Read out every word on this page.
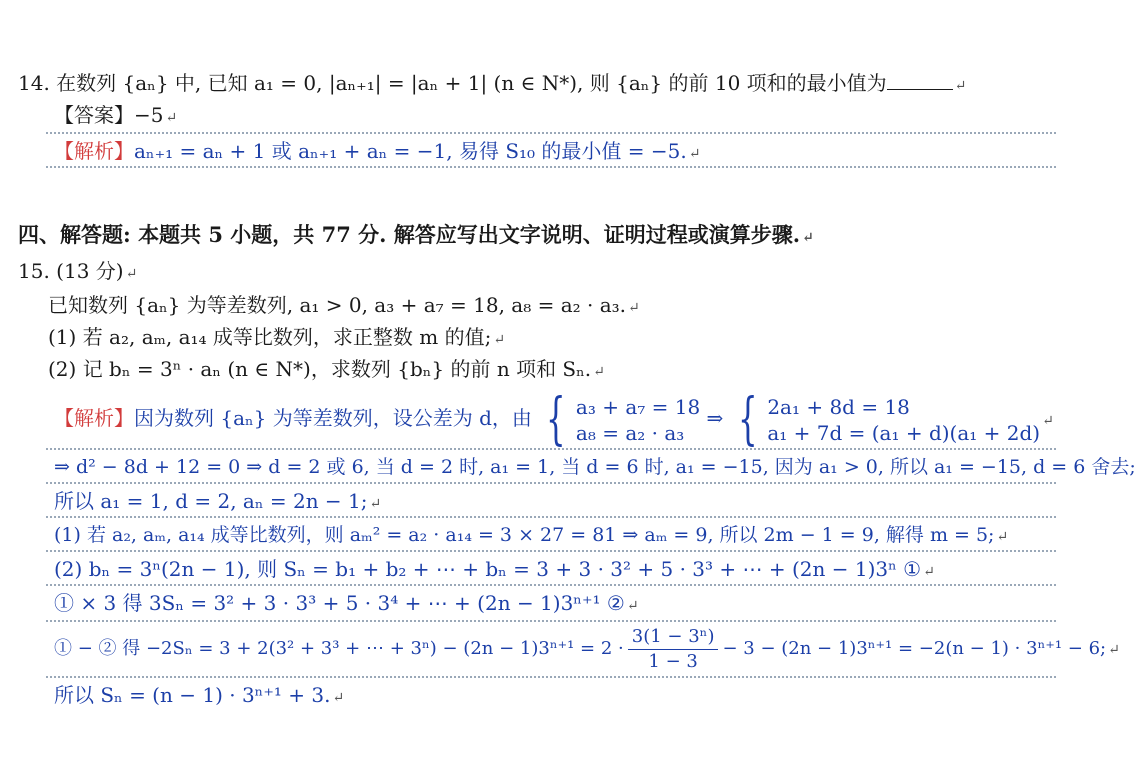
14. 在数列 {aₙ} 中, 已知 a₁ = 0, |aₙ₊₁| = |aₙ + 1| (n ∈ N*), 则 {aₙ} 的前 10 项和的最小值为	↵
【答案】−5 ↵
【解析】aₙ₊₁ = aₙ + 1 或 aₙ₊₁ + aₙ = −1, 易得 S₁₀ 的最小值 = −5. ↵
四、解答题: 本题共 5 小题，共 77 分. 解答应写出文字说明、证明过程或演算步骤. ↵
15. (13 分) ↵
已知数列 {aₙ} 为等差数列, a₁ > 0, a₃ + a₇ = 18, a₈ = a₂ · a₃. ↵
(1) 若 a₂, aₘ, a₁₄ 成等比数列，求正整数 m 的值; ↵
(2) 记 bₙ = 3ⁿ · aₙ (n ∈ N*)，求数列 {bₙ} 的前 n 项和 Sₙ. ↵
【解析】因为数列 {aₙ} 为等差数列，设公差为 d，由 { a₃ + a₇ = 18
a₈ = a₂ · a₃
⇒ { 2a₁ + 8d = 18
a₁ + 7d = (a₁ + d)(a₁ + 2d) ↵
⇒ d² − 8d + 12 = 0 ⇒ d = 2 或 6, 当 d = 2 时, a₁ = 1, 当 d = 6 时, a₁ = −15, 因为 a₁ > 0, 所以 a₁ = −15, d = 6 舍去;
所以 a₁ = 1, d = 2, aₙ = 2n − 1; ↵
(1) 若 a₂, aₘ, a₁₄ 成等比数列，则 aₘ² = a₂ · a₁₄ = 3 × 27 = 81 ⇒ aₘ = 9, 所以 2m − 1 = 9, 解得 m = 5; ↵
(2) bₙ = 3ⁿ(2n − 1), 则 Sₙ = b₁ + b₂ + ⋯ + bₙ = 3 + 3 · 3² + 5 · 3³ + ⋯ + (2n − 1)3ⁿ ① ↵
① × 3 得 3Sₙ = 3² + 3 · 3³ + 5 · 3⁴ + ⋯ + (2n − 1)3ⁿ⁺¹ ② ↵
① − ② 得 −2Sₙ = 3 + 2(3² + 3³ + ⋯ + $3^n) - (2n - 1)3^{n+1} = 2 \cdot \frac{\text{3(1 − 3ⁿ)}}{1 - 3} - 3 - (2n - 1)3^{n+1} = -2(n - 1) \cdot 3^{n+1} - 6$; ↵
所以 Sₙ = (n − 1) · 3ⁿ⁺¹ + 3. ↵
